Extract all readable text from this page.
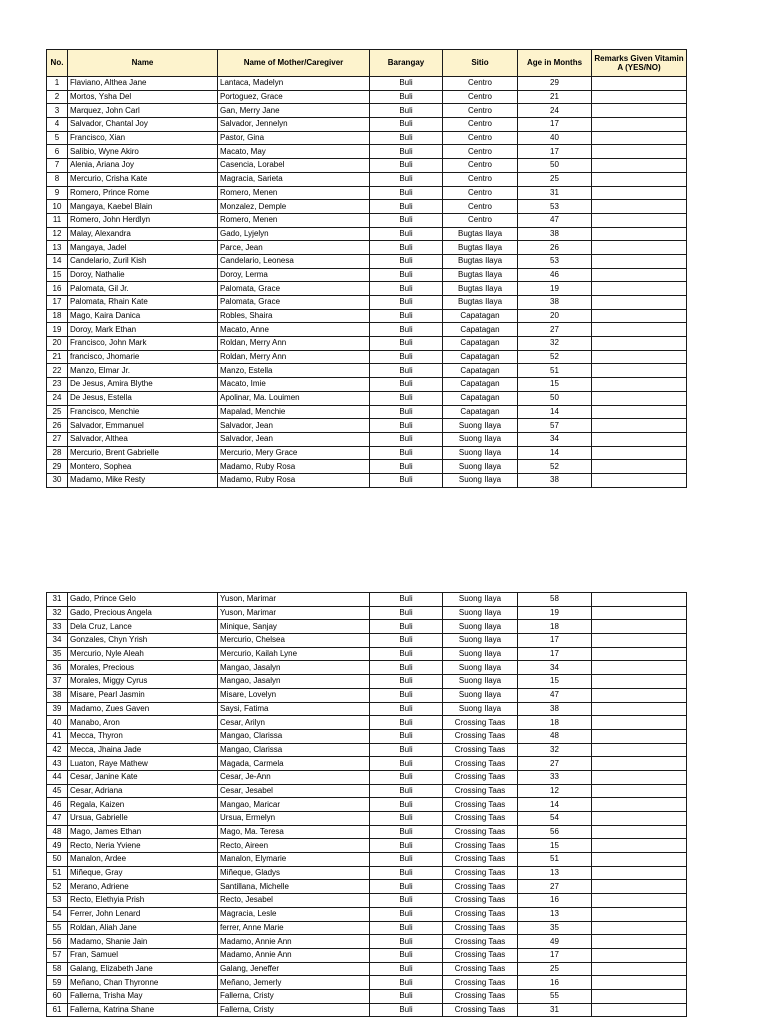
No.	Name	Name of Mother/Caregiver	Barangay	Sitio	Age in Months	Remarks Given Vitamin A (YES/NO)
1	Flaviano, Althea Jane	Lantaca, Madelyn	Buli	Centro	29	
2	Mortos, Ysha Del	Portoguez, Grace	Buli	Centro	21	
3	Marquez, John Carl	Gan, Merry Jane	Buli	Centro	24	
4	Salvador, Chantal Joy	Salvador, Jennelyn	Buli	Centro	17	
5	Francisco, Xian	Pastor, Gina	Buli	Centro	40	
6	Salibio, Wyne Akiro	Macato, May	Buli	Centro	17	
7	Alenia, Ariana Joy	Casencia, Lorabel	Buli	Centro	50	
8	Mercurio, Crisha Kate	Magracia, Sarieta	Buli	Centro	25	
9	Romero, Prince Rome	Romero, Menen	Buli	Centro	31	
10	Mangaya, Kaebel Blain	Monzalez, Demple	Buli	Centro	53	
11	Romero, John Herdlyn	Romero, Menen	Buli	Centro	47	
12	Malay, Alexandra	Gado, Lyjelyn	Buli	Bugtas Ilaya	38	
13	Mangaya, Jadel	Parce, Jean	Buli	Bugtas Ilaya	26	
14	Candelario, Zuril Kish	Candelario, Leonesa	Buli	Bugtas Ilaya	53	
15	Doroy, Nathalie	Doroy, Lerma	Buli	Bugtas Ilaya	46	
16	Palomata, Gil Jr.	Palomata, Grace	Buli	Bugtas Ilaya	19	
17	Palomata, Rhain Kate	Palomata, Grace	Buli	Bugtas Ilaya	38	
18	Mago, Kaira Danica	Robles, Shaira	Buli	Capatagan	20	
19	Doroy, Mark Ethan	Macato, Anne	Buli	Capatagan	27	
20	Francisco, John Mark	Roldan, Merry Ann	Buli	Capatagan	32	
21	francisco, Jhomarie	Roldan, Merry Ann	Buli	Capatagan	52	
22	Manzo, Elmar Jr.	Manzo, Estella	Buli	Capatagan	51	
23	De Jesus, Amira Blythe	Macato, Imie	Buli	Capatagan	15	
24	De Jesus, Estella	Apolinar, Ma. Louimen	Buli	Capatagan	50	
25	Francisco, Menchie	Mapalad, Menchie	Buli	Capatagan	14	
26	Salvador, Emmanuel	Salvador, Jean	Buli	Suong Ilaya	57	
27	Salvador, Althea	Salvador, Jean	Buli	Suong Ilaya	34	
28	Mercurio, Brent Gabrielle	Mercurio, Mery Grace	Buli	Suong Ilaya	14	
29	Montero, Sophea	Madamo, Ruby Rosa	Buli	Suong Ilaya	52	
30	Madamo, Mike Resty	Madamo, Ruby Rosa	Buli	Suong Ilaya	38	
31	Gado, Prince Gelo	Yuson, Marimar	Buli	Suong Ilaya	58	
32	Gado, Precious Angela	Yuson, Marimar	Buli	Suong Ilaya	19	
33	Dela Cruz, Lance	Minique, Sanjay	Buli	Suong Ilaya	18	
34	Gonzales, Chyn Yrish	Mercurio, Chelsea	Buli	Suong Ilaya	17	
35	Mercurio, Nyle Aleah	Mercurio, Kailah Lyne	Buli	Suong Ilaya	17	
36	Morales, Precious	Mangao, Jasalyn	Buli	Suong Ilaya	34	
37	Morales, Miggy Cyrus	Mangao, Jasalyn	Buli	Suong Ilaya	15	
38	Misare, Pearl Jasmin	Misare, Lovelyn	Buli	Suong Ilaya	47	
39	Madamo, Zues Gaven	Saysi, Fatima	Buli	Suong Ilaya	38	
40	Manabo, Aron	Cesar, Arilyn	Buli	Crossing Taas	18	
41	Mecca, Thyron	Mangao, Clarissa	Buli	Crossing Taas	48	
42	Mecca, Jhaina Jade	Mangao, Clarissa	Buli	Crossing Taas	32	
43	Luaton, Raye Mathew	Magada, Carmela	Buli	Crossing Taas	27	
44	Cesar, Janine Kate	Cesar, Je-Ann	Buli	Crossing Taas	33	
45	Cesar, Adriana	Cesar, Jesabel	Buli	Crossing Taas	12	
46	Regala, Kaizen	Mangao, Maricar	Buli	Crossing Taas	14	
47	Ursua, Gabrielle	Ursua, Ermelyn	Buli	Crossing Taas	54	
48	Mago, James Ethan	Mago, Ma. Teresa	Buli	Crossing Taas	56	
49	Recto, Neria Yviene	Recto, Aireen	Buli	Crossing Taas	15	
50	Manalon, Ardee	Manalon, Elymarie	Buli	Crossing Taas	51	
51	Miñeque, Gray	Miñeque, Gladys	Buli	Crossing Taas	13	
52	Merano, Adriene	Santillana, Michelle	Buli	Crossing Taas	27	
53	Recto, Elethyia Prish	Recto, Jesabel	Buli	Crossing Taas	16	
54	Ferrer, John Lenard	Magracia, Lesle	Buli	Crossing Taas	13	
55	Roldan, Aliah Jane	ferrer, Anne Marie	Buli	Crossing Taas	35	
56	Madamo, Shanie Jain	Madamo, Annie Ann	Buli	Crossing Taas	49	
57	Fran, Samuel	Madamo, Annie Ann	Buli	Crossing Taas	17	
58	Galang, Elizabeth Jane	Galang, Jeneffer	Buli	Crossing Taas	25	
59	Meñano, Chan Thyronne	Meñano, Jemerly	Buli	Crossing Taas	16	
60	Fallerna, Trisha May	Fallerna, Cristy	Buli	Crossing Taas	55	
61	Fallerna, Katrina Shane	Fallerna, Cristy	Buli	Crossing Taas	31	
